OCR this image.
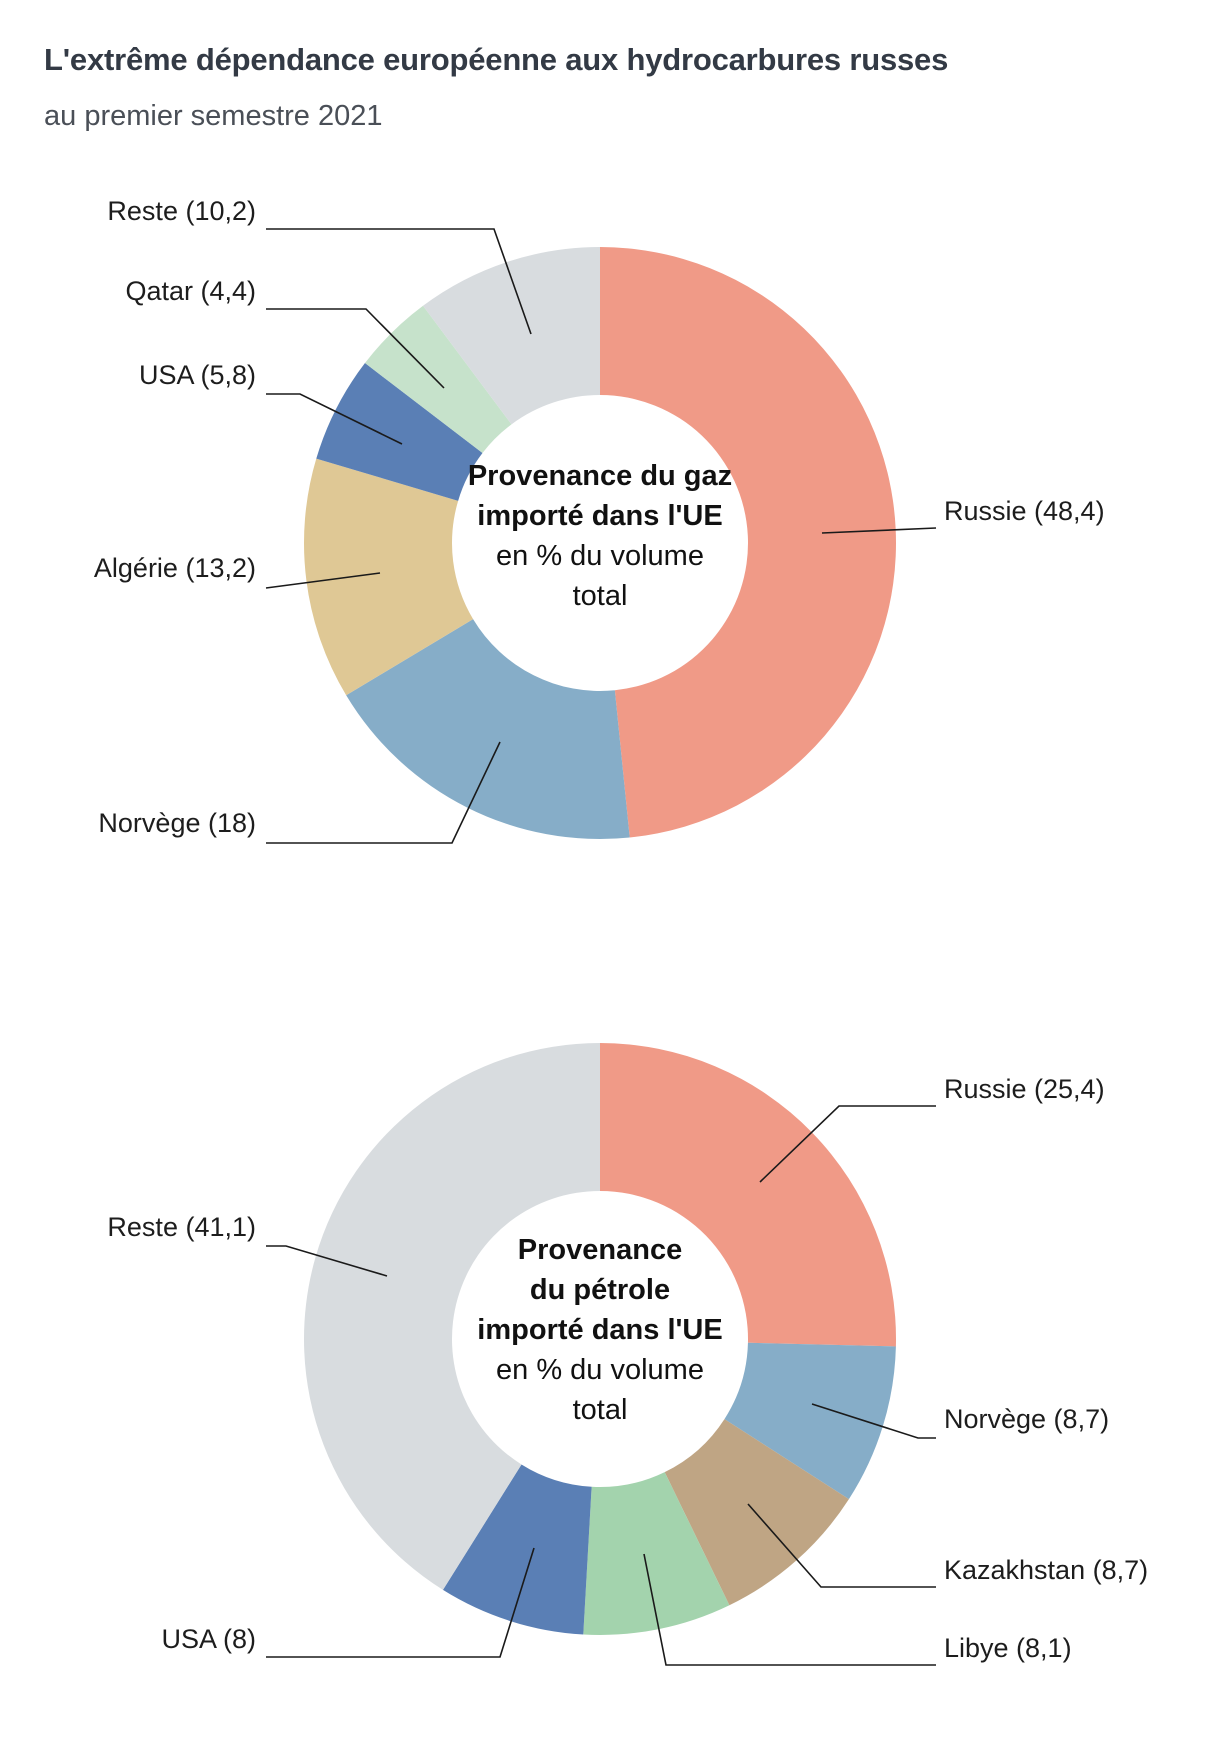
L'extrême dépendance européenne aux hydrocarbures russes
au premier semestre 2021
Russie (48,4)
Norvège (18)
Algérie (13,2)
USA (5,8)
Qatar (4,4)
Reste (10,2)
Provenance du gaz
importé dans l'UE
en % du volume
total
Russie (25,4)
Norvège (8,7)
Kazakhstan (8,7)
Libye (8,1)
USA (8)
Reste (41,1)
Provenance
du pétrole
importé dans l'UE
en % du volume
total
